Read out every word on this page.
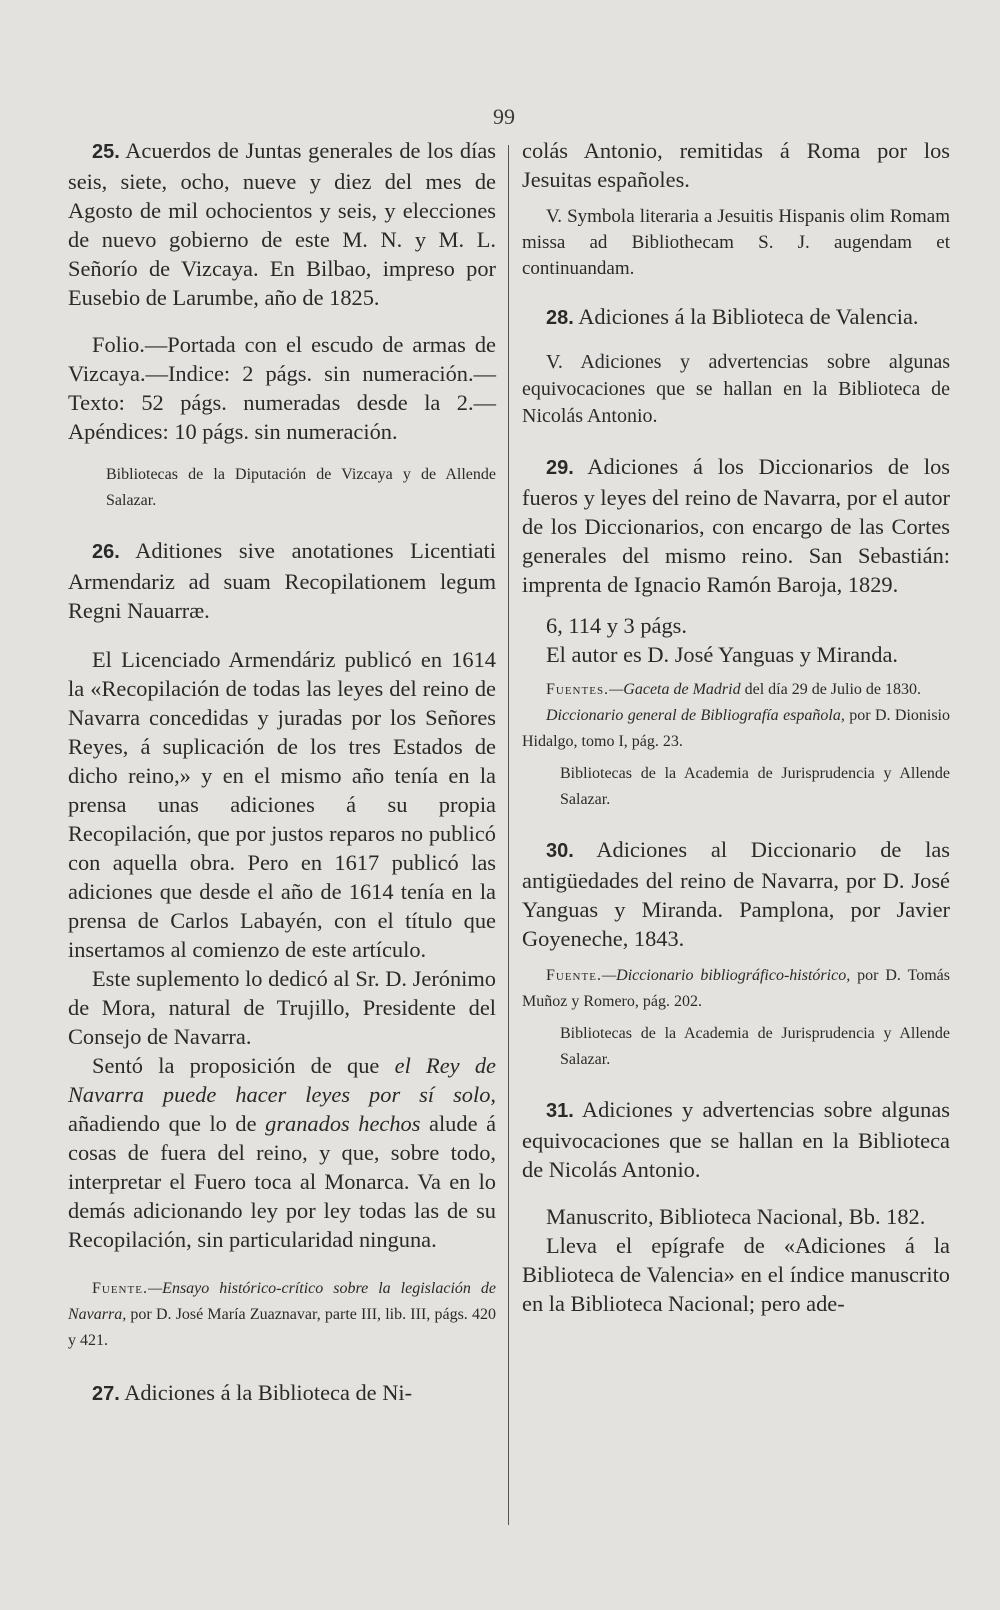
99

25. Acuerdos de Juntas generales de los días seis, siete, ocho, nueve y diez del mes de Agosto de mil ochocientos y seis, y elecciones de nuevo gobierno de este M. N. y M. L. Señorío de Vizcaya. En Bilbao, impreso por Eusebio de Larumbe, año de 1825.

Folio.—Portada con el escudo de armas de Vizcaya.—Indice: 2 págs. sin numeración.—Texto: 52 págs. numeradas desde la 2.—Apéndices: 10 págs. sin numeración.

Bibliotecas de la Diputación de Vizcaya y de Allende Salazar.

26. Aditiones sive anotationes Licentiati Armendariz ad suam Recopilationem legum Regni Nauarræ.

El Licenciado Armendáriz publicó en 1614 la «Recopilación de todas las leyes del reino de Navarra concedidas y juradas por los Señores Reyes, á suplicación de los tres Estados de dicho reino,» y en el mismo año tenía en la prensa unas adiciones á su propia Recopilación, que por justos reparos no publicó con aquella obra. Pero en 1617 publicó las adiciones que desde el año de 1614 tenía en la prensa de Carlos Labayén, con el título que insertamos al comienzo de este artículo.

Este suplemento lo dedicó al Sr. D. Jerónimo de Mora, natural de Trujillo, Presidente del Consejo de Navarra.

Sentó la proposición de que el Rey de Navarra puede hacer leyes por sí solo, añadiendo que lo de granados hechos alude á cosas de fuera del reino, y que, sobre todo, interpretar el Fuero toca al Monarca. Va en lo demás adicionando ley por ley todas las de su Recopilación, sin particularidad ninguna.

Fuente.—Ensayo histórico-crítico sobre la legislación de Navarra, por D. José María Zuaznavar, parte III, lib. III, págs. 420 y 421.

27. Adiciones á la Biblioteca de Ni-

colás Antonio, remitidas á Roma por los Jesuitas españoles.

V. Symbola literaria a Jesuitis Hispanis olim Romam missa ad Bibliothecam S. J. augendam et continuandam.

28. Adiciones á la Biblioteca de Valencia.

V. Adiciones y advertencias sobre algunas equivocaciones que se hallan en la Biblioteca de Nicolás Antonio.

29. Adiciones á los Diccionarios de los fueros y leyes del reino de Navarra, por el autor de los Diccionarios, con encargo de las Cortes generales del mismo reino. San Sebastián: imprenta de Ignacio Ramón Baroja, 1829.

6, 114 y 3 págs.

El autor es D. José Yanguas y Miranda.

Fuentes.—Gaceta de Madrid del día 29 de Julio de 1830.

Diccionario general de Bibliografía española, por D. Dionisio Hidalgo, tomo I, pág. 23.

Bibliotecas de la Academia de Jurisprudencia y Allende Salazar.

30. Adiciones al Diccionario de las antigüedades del reino de Navarra, por D. José Yanguas y Miranda. Pamplona, por Javier Goyeneche, 1843.

Fuente.—Diccionario bibliográfico-histórico, por D. Tomás Muñoz y Romero, pág. 202.

Bibliotecas de la Academia de Jurisprudencia y Allende Salazar.

31. Adiciones y advertencias sobre algunas equivocaciones que se hallan en la Biblioteca de Nicolás Antonio.

Manuscrito, Biblioteca Nacional, Bb. 182.

Lleva el epígrafe de «Adiciones á la Biblioteca de Valencia» en el índice manuscrito en la Biblioteca Nacional; pero ade-
